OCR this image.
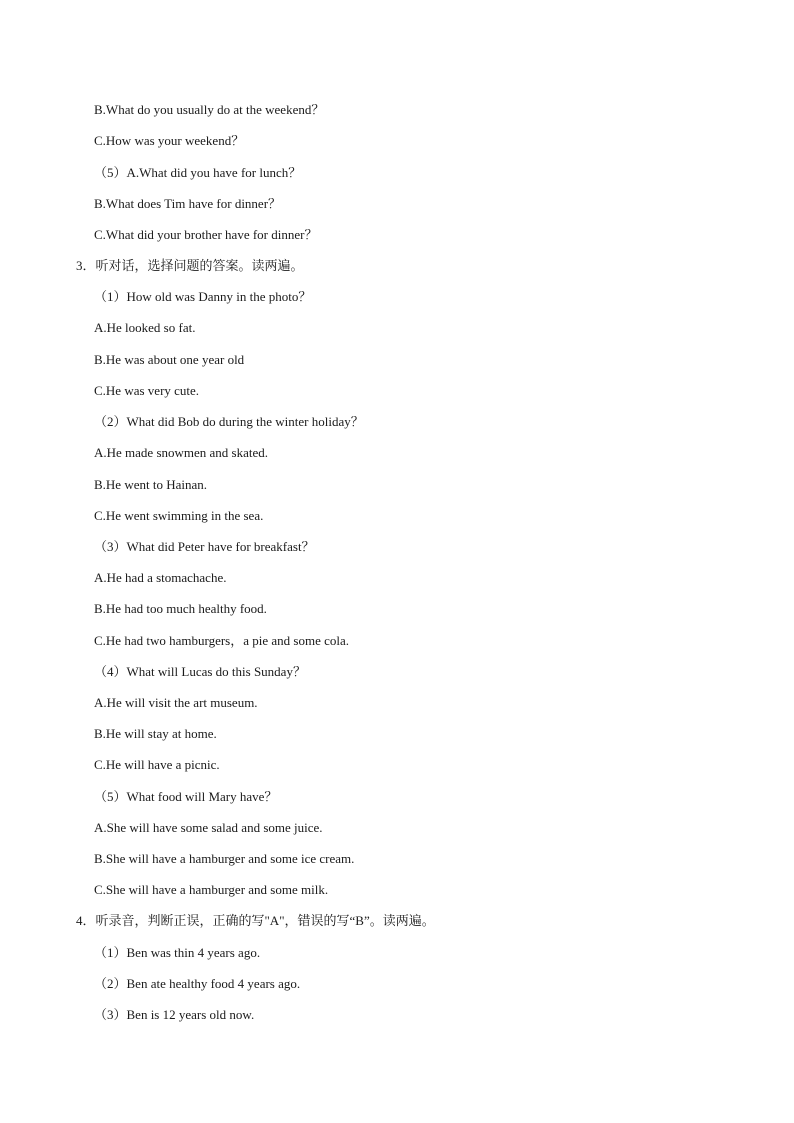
B.What do you usually do at the weekend？
C.How was your weekend？
（5）A.What did you have for lunch？
B.What does Tim have for dinner？
C.What did your brother have for dinner？
3．听对话，选择问题的答案。读两遍。
（1）How old was Danny in the photo？
A.He looked so fat.
B.He was about one year old
C.He was very cute.
（2）What did Bob do during the winter holiday？
A.He made snowmen and skated.
B.He went to Hainan.
C.He went swimming in the sea.
（3）What did Peter have for breakfast？
A.He had a stomachache.
B.He had too much healthy food.
C.He had two hamburgers，a pie and some cola.
（4）What will Lucas do this Sunday？
A.He will visit the art museum.
B.He will stay at home.
C.He will have a picnic.
（5）What food will Mary have？
A.She will have some salad and some juice.
B.She will have a hamburger and some ice cream.
C.She will have a hamburger and some milk.
4．听录音，判断正误，正确的写"A"，错误的写“B”。读两遍。
（1）Ben was thin 4 years ago.
（2）Ben ate healthy food 4 years ago.
（3）Ben is 12 years old now.
